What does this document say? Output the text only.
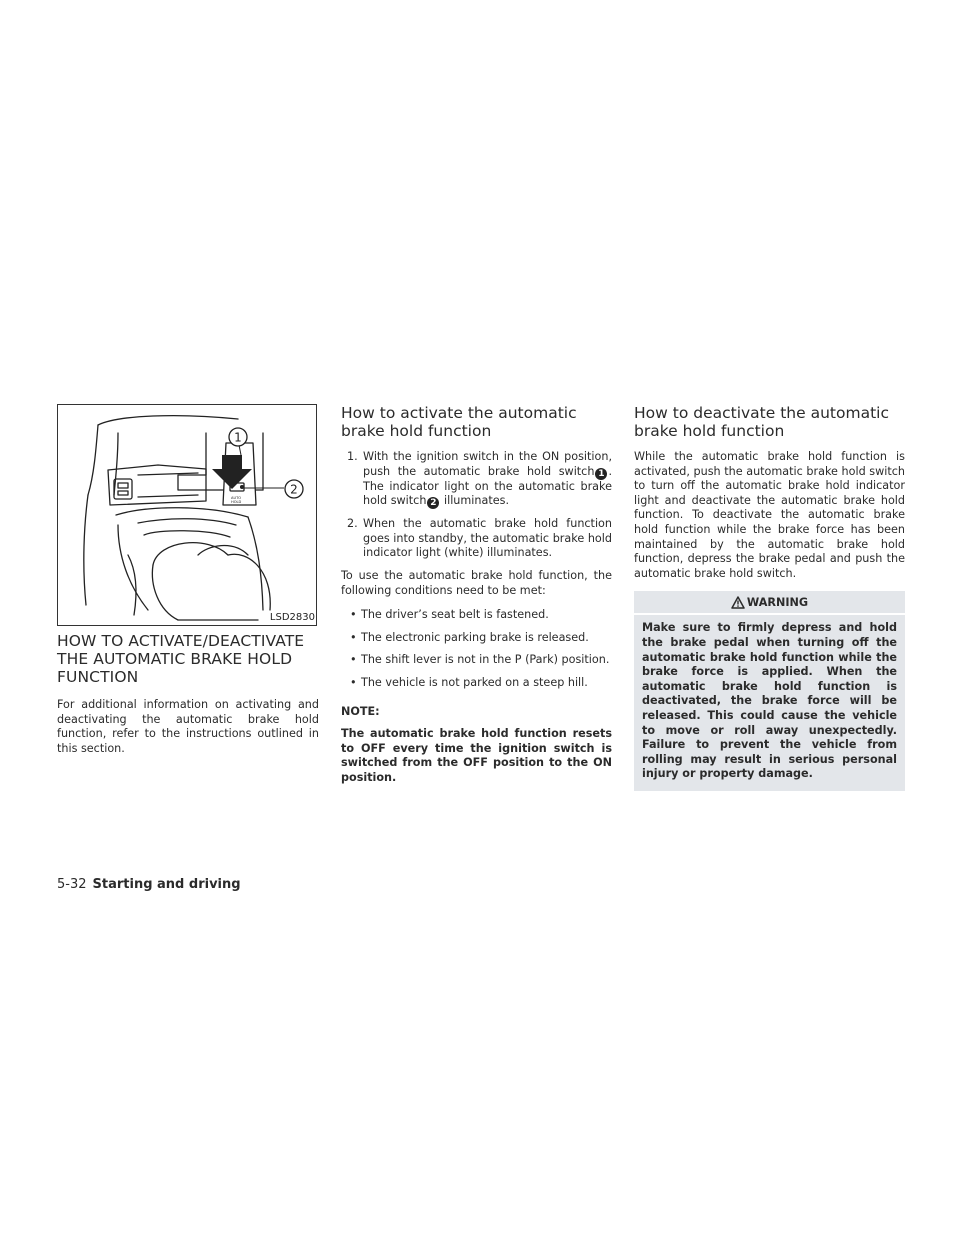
1
2
AUTO
HOLD
LSD2830
HOW TO ACTIVATE/DEACTIVATE THE AUTOMATIC BRAKE HOLD FUNCTION

For additional information on activating and deactivating the automatic brake hold function, refer to the instructions outlined in this section.

How to activate the automatic brake hold function
1. With the ignition switch in the ON position, push the automatic brake hold switch 1 . The indicator light on the automatic brake hold switch 2 illuminates.
2. When the automatic brake hold function goes into standby, the automatic brake hold indicator light (white) illuminates.

To use the automatic brake hold function, the following conditions need to be met:

• The driver’s seat belt is fastened.
• The electronic parking brake is released.
• The shift lever is not in the P (Park) position.
• The vehicle is not parked on a steep hill.
NOTE:

The automatic brake hold function resets to OFF every time the ignition switch is switched from the OFF position to the ON position.

How to deactivate the automatic brake hold function

While the automatic brake hold function is activated, push the automatic brake hold switch to turn off the automatic brake hold indicator light and deactivate the automatic brake hold function. To deactivate the automatic brake hold function while the brake force has been maintained by the automatic brake hold function, depress the brake pedal and push the automatic brake hold switch.

WARNING

Make sure to firmly depress and hold the brake pedal when turning off the automatic brake hold function while the brake force is applied. When the automatic brake hold function is deactivated, the brake force will be released. This could cause the vehicle to move or roll away unexpectedly. Failure to prevent the vehicle from rolling may result in serious personal injury or property damage.

5-32 Starting and driving
